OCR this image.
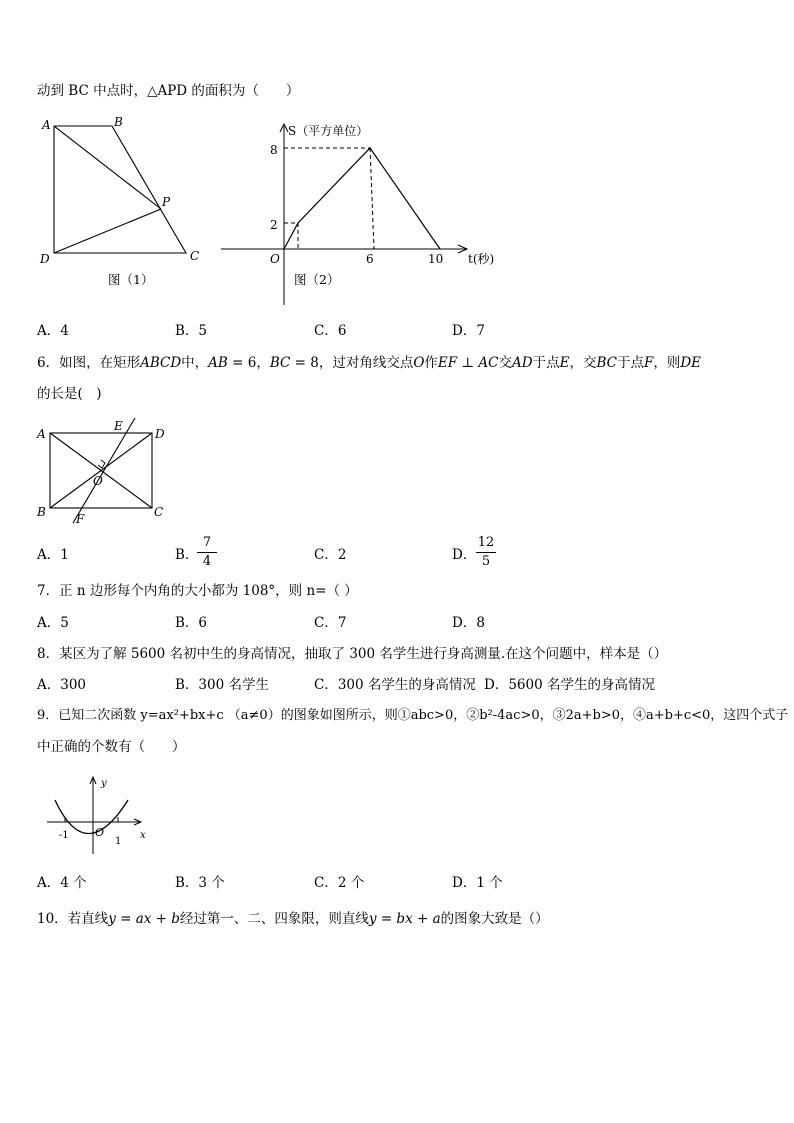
动到 BC 中点时，△APD 的面积为（　　）
A	B
C
D
P
图（1）
S（平方单位）
8
2
O	6	10 t(秒)
图（2）
A．4	B．5	C．6	D．7
6．如图，在矩形ABCD中，AB = 6，BC = 8，过对角线交点O作EF ⊥ AC交AD于点E，交BC于点F，则DE
的长是(　)
A	D
B	C
E
F
O
A．1	B．
7
4	C．2	D．
12
5
7．正 n 边形每个内角的大小都为 108°，则 n=（ ）
A．5	B．6	C．7	D．8
8．某区为了解 5600 名初中生的身高情况，抽取了 300 名学生进行身高测量.在这个问题中，样本是（）
A．300	B．300 名学生	C．300 名学生的身高情况 D．5600 名学生的身高情况
9．已知二次函数 y=ax²+bx+c （a≠0）的图象如图所示，则①abc>0，②b²-4ac>0，③2a+b>0，④a+b+c<0，这四个式子
中正确的个数有（　　）
y
x
O
-1
1
A．4 个	B．3 个	C．2 个	D．1 个
10．若直线y = ax + b经过第一、二、四象限，则直线y = bx + a的图象大致是（）
